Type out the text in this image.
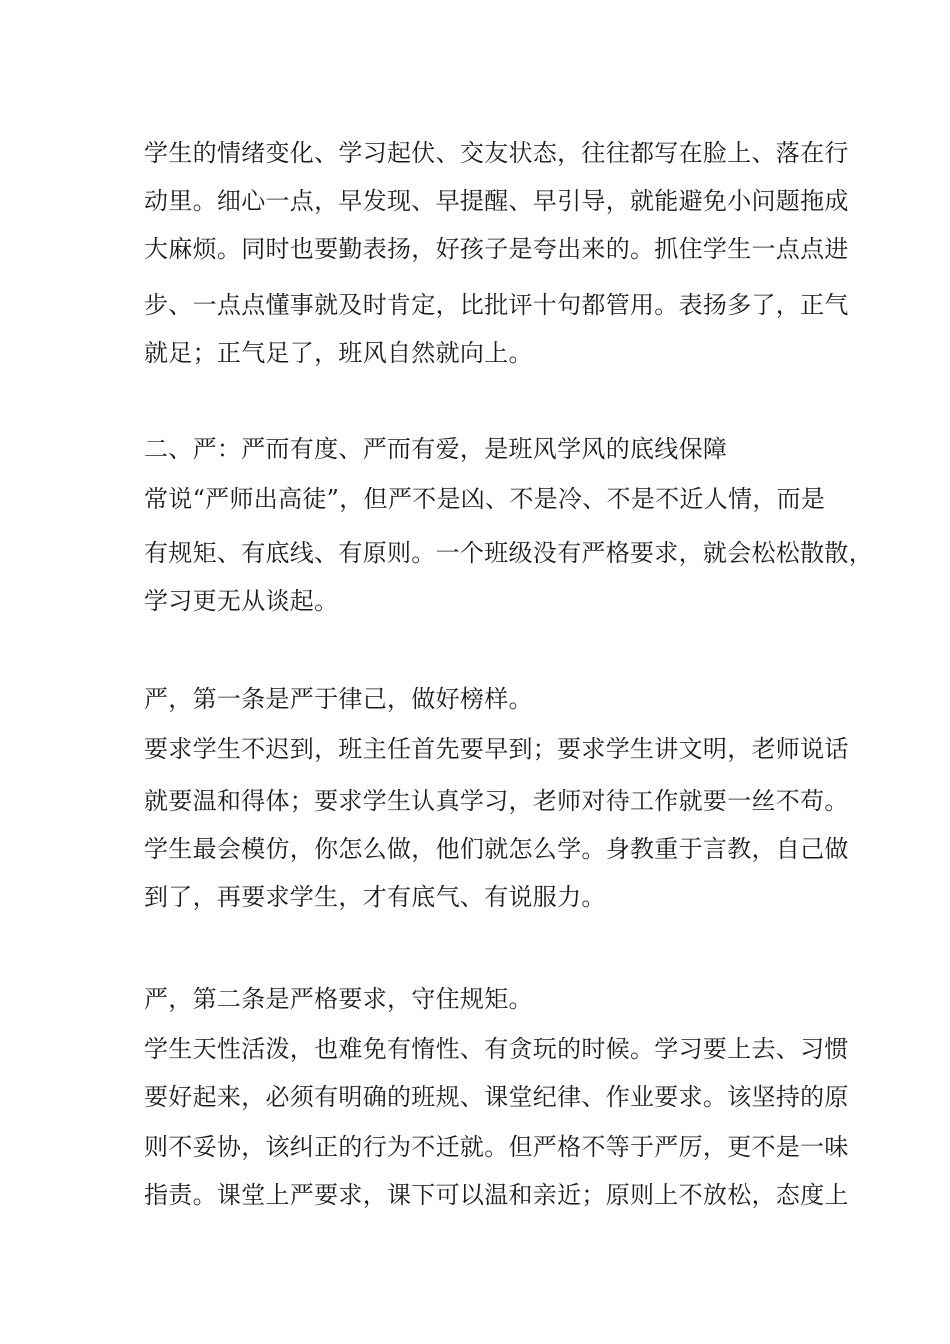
学生的情绪变化、学习起伏、交友状态，往往都写在脸上、落在行
动里。细心一点，早发现、早提醒、早引导，就能避免小问题拖成
大麻烦。同时也要勤表扬，好孩子是夸出来的。抓住学生一点点进
步、一点点懂事就及时肯定，比批评十句都管用。表扬多了，正气
就足；正气足了，班风自然就向上。
二、严：严而有度、严而有爱，是班风学风的底线保障
常说“严师出高徒”，但严不是凶、不是冷、不是不近人情，而是
有规矩、有底线、有原则。一个班级没有严格要求，就会松松散散，
学习更无从谈起。
严，第一条是严于律己，做好榜样。
要求学生不迟到，班主任首先要早到；要求学生讲文明，老师说话
就要温和得体；要求学生认真学习，老师对待工作就要一丝不苟。
学生最会模仿，你怎么做，他们就怎么学。身教重于言教，自己做
到了，再要求学生，才有底气、有说服力。
严，第二条是严格要求，守住规矩。
学生天性活泼，也难免有惰性、有贪玩的时候。学习要上去、习惯
要好起来，必须有明确的班规、课堂纪律、作业要求。该坚持的原
则不妥协，该纠正的行为不迁就。但严格不等于严厉，更不是一味
指责。课堂上严要求，课下可以温和亲近；原则上不放松，态度上
